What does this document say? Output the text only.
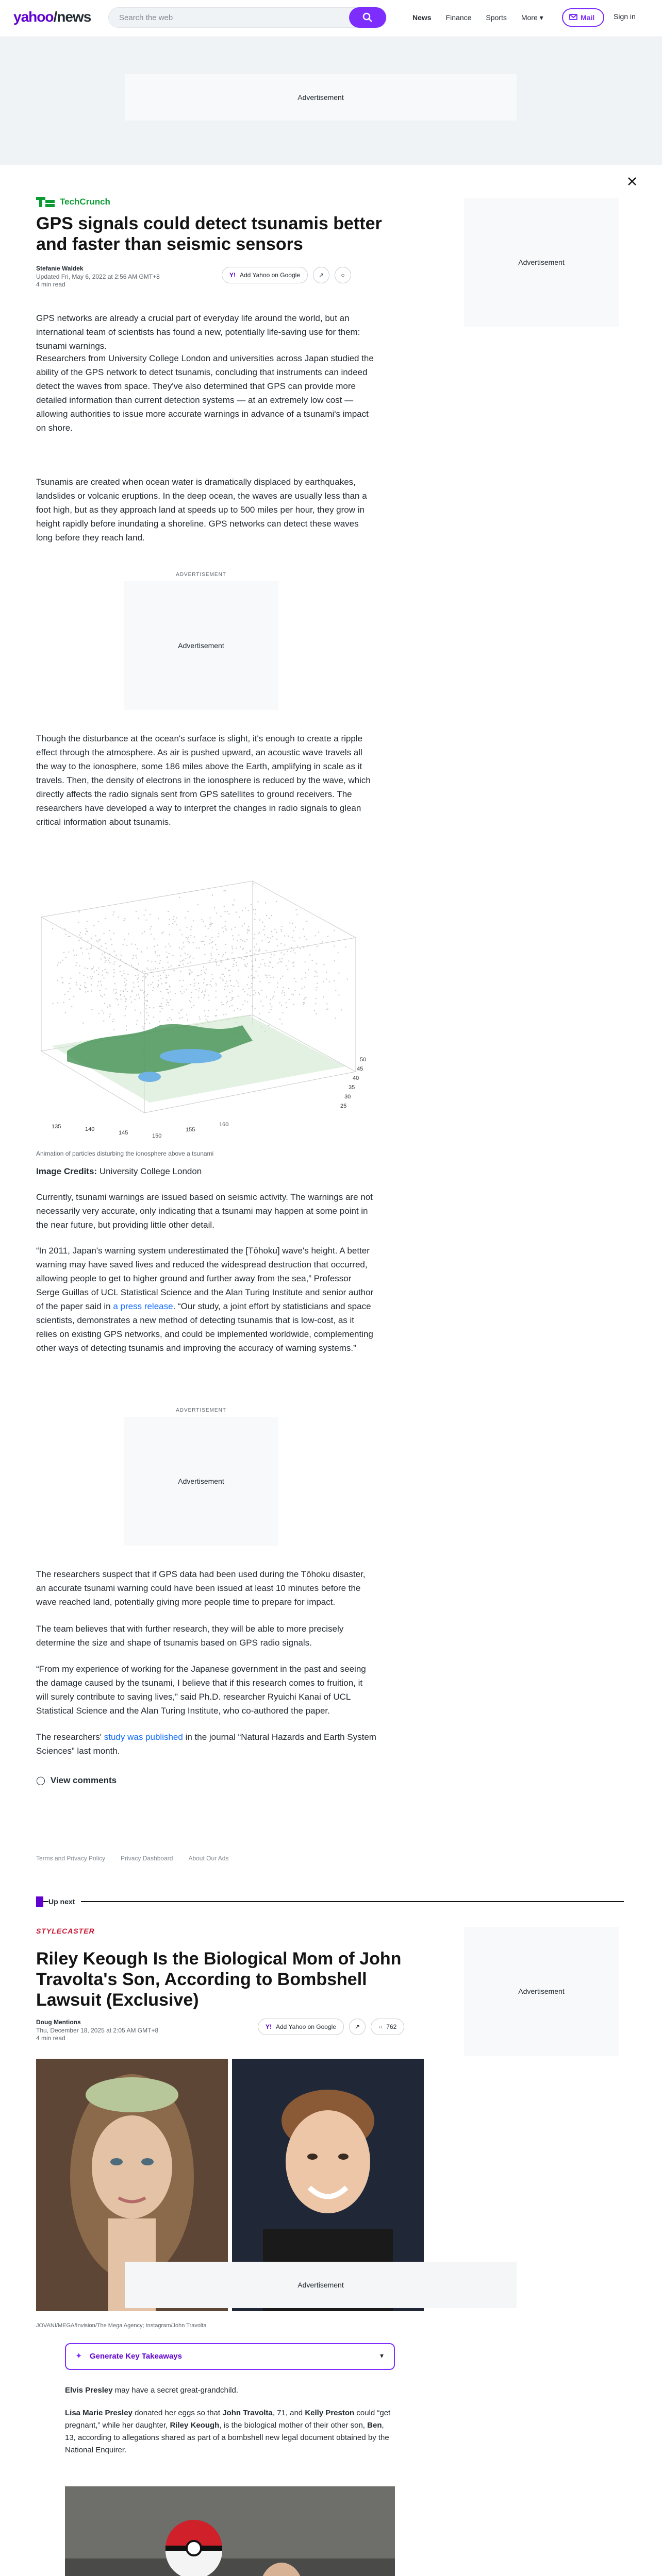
yahoo/news	Search the web	News Finance Sports More ▾	Mail	Sign in
Advertisement
Advertisement
Advertisement
TechCrunch
GPS signals could detect tsunamis better and faster than seismic sensors
Stefanie Waldek
Updated Fri, May 6, 2022 at 2:56 AM GMT+8
4 min read
Y! Add Yahoo on Google	↗	○
GPS networks are already a crucial part of everyday life around the world, but an international team of scientists has found a new, potentially life-saving use for them: tsunami warnings.
Researchers from University College London and universities across Japan studied the ability of the GPS network to detect tsunamis, concluding that instruments can indeed detect the waves from space. They've also determined that GPS can provide more detailed information than current detection systems — at an extremely low cost — allowing authorities to issue more accurate warnings in advance of a tsunami's impact on shore.
Tsunamis are created when ocean water is dramatically displaced by earthquakes, landslides or volcanic eruptions. In the deep ocean, the waves are usually less than a foot high, but as they approach land at speeds up to 500 miles per hour, they grow in height rapidly before inundating a shoreline. GPS networks can detect these waves long before they reach land.
ADVERTISEMENT
Advertisement
Though the disturbance at the ocean's surface is slight, it's enough to create a ripple effect through the atmosphere. As air is pushed upward, an acoustic wave travels all the way to the ionosphere, some 186 miles above the Earth, amplifying in scale as it travels. Then, the density of electrons in the ionosphere is reduced by the wave, which directly affects the radio signals sent from GPS satellites to ground receivers. The researchers have developed a way to interpret the changes in radio signals to glean critical information about tsunamis.
135	140
145	150
155
160
25
30
35
40
45
50
Animation of particles disturbing the ionosphere above a tsunami
Image Credits: University College London
Currently, tsunami warnings are issued based on seismic activity. The warnings are not necessarily very accurate, only indicating that a tsunami may happen at some point in the near future, but providing little other detail.
“In 2011, Japan's warning system underestimated the [Tōhoku] wave's height. A better warning may have saved lives and reduced the widespread destruction that occurred, allowing people to get to higher ground and further away from the sea,” Professor Serge Guillas of UCL Statistical Science and the Alan Turing Institute and senior author of the paper said in a press release. “Our study, a joint effort by statisticians and space scientists, demonstrates a new method of detecting tsunamis that is low-cost, as it relies on existing GPS networks, and could be implemented worldwide, complementing other ways of detecting tsunamis and improving the accuracy of warning systems.”
ADVERTISEMENT
Advertisement
The researchers suspect that if GPS data had been used during the Tōhoku disaster, an accurate tsunami warning could have been issued at least 10 minutes before the wave reached land, potentially giving more people time to prepare for impact.
The team believes that with further research, they will be able to more precisely determine the size and shape of tsunamis based on GPS radio signals.
“From my experience of working for the Japanese government in the past and seeing the damage caused by the tsunami, I believe that if this research comes to fruition, it will surely contribute to saving lives,” said Ph.D. researcher Ryuichi Kanai of UCL Statistical Science and the Alan Turing Institute, who co-authored the paper.
The researchers' study was published in the journal “Natural Hazards and Earth System Sciences” last month.
◯ View comments
Terms and Privacy Policy	Privacy Dashboard	About Our Ads
Up next
STYLECASTER
Riley Keough Is the Biological Mom of John Travolta's Son, According to Bombshell Lawsuit (Exclusive)
Doug Mentions
Thu, December 18, 2025 at 2:05 AM GMT+8
4 min read
Y! Add Yahoo on Google	↗	○ 762
Advertisement
JOVANI/MEGA/Invision/The Mega Agency; Instagram/John Travolta
✦ Generate Key Takeaways	▾
Elvis Presley may have a secret great-grandchild.
Lisa Marie Presley donated her eggs so that John Travolta, 71, and Kelly Preston could “get pregnant,” while her daughter, Riley Keough, is the biological mother of their other son, Ben, 13, according to allegations shared as part of a bombshell new legal document obtained by the National Enquirer.
